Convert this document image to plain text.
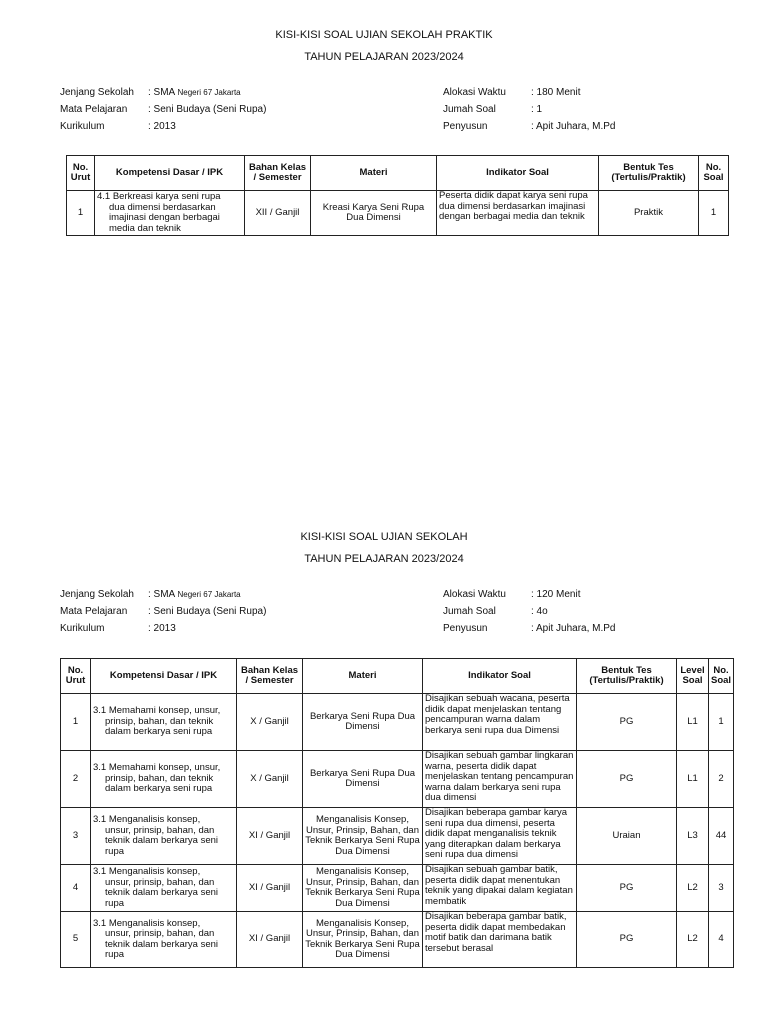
KISI-KISI SOAL UJIAN SEKOLAH PRAKTIK
TAHUN PELAJARAN 2023/2024
Jenjang Sekolah : SMA Negeri 67 Jakarta
Mata Pelajaran : Seni Budaya (Seni Rupa)
Kurikulum	: 2013
Alokasi Waktu	: 180 Menit
Jumah Soal	: 1
Penyusun	: Apit Juhara, M.Pd
No. Urut	Kompetensi Dasar / IPK	Bahan Kelas / Semester	Materi	Indikator Soal	Bentuk Tes (Tertulis/Praktik)	No. Soal
1	4.1 Berkreasi karya seni rupa
dua dimensi berdasarkan imajinasi dengan berbagai media dan teknik	XII / Ganjil	Kreasi Karya Seni Rupa Dua Dimensi	Peserta didik dapat karya seni rupa dua dimensi berdasarkan imajinasi dengan berbagai media dan teknik	Praktik	1
KISI-KISI SOAL UJIAN SEKOLAH
TAHUN PELAJARAN 2023/2024
Jenjang Sekolah : SMA Negeri 67 Jakarta
Mata Pelajaran : Seni Budaya (Seni Rupa)
Kurikulum	: 2013
Alokasi Waktu	: 120 Menit
Jumah Soal	: 4o
Penyusun	: Apit Juhara, M.Pd
No. Urut	Kompetensi Dasar / IPK	Bahan Kelas / Semester	Materi	Indikator Soal	Bentuk Tes (Tertulis/Praktik)	Level Soal	No. Soal
1	3.1 Memahami konsep, unsur,
prinsip, bahan, dan teknik dalam berkarya seni rupa	X / Ganjil	Berkarya Seni Rupa Dua Dimensi	Disajikan sebuah wacana, peserta didik dapat menjelaskan tentang pencampuran warna dalam berkarya seni rupa dua Dimensi	PG	L1	1
2	3.1 Memahami konsep, unsur,
prinsip, bahan, dan teknik dalam berkarya seni rupa	X / Ganjil	Berkarya Seni Rupa Dua Dimensi	Disajikan sebuah gambar lingkaran warna, peserta didik dapat menjelaskan tentang pencampuran warna dalam berkarya seni rupa dua dimensi	PG	L1	2
3	3.1 Menganalisis konsep,
unsur, prinsip, bahan, dan teknik dalam berkarya seni rupa	XI / Ganjil	Menganalisis Konsep, Unsur, Prinsip, Bahan, dan Teknik Berkarya Seni Rupa Dua Dimensi	Disajikan beberapa gambar karya seni rupa dua dimensi, peserta didik dapat menganalisis teknik yang diterapkan dalam berkarya seni rupa dua dimensi	Uraian	L3	44
4	3.1 Menganalisis konsep,
unsur, prinsip, bahan, dan teknik dalam berkarya seni rupa	XI / Ganjil	Menganalisis Konsep, Unsur, Prinsip, Bahan, dan Teknik Berkarya Seni Rupa Dua Dimensi	Disajikan sebuah gambar batik, peserta didik dapat menentukan teknik yang dipakai dalam kegiatan membatik	PG	L2	3
5	3.1 Menganalisis konsep,
unsur, prinsip, bahan, dan teknik dalam berkarya seni rupa	XI / Ganjil	Menganalisis Konsep, Unsur, Prinsip, Bahan, dan Teknik Berkarya Seni Rupa Dua Dimensi	Disajikan beberapa gambar batik, peserta didik dapat membedakan motif batik dan darimana batik tersebut berasal	PG	L2	4
